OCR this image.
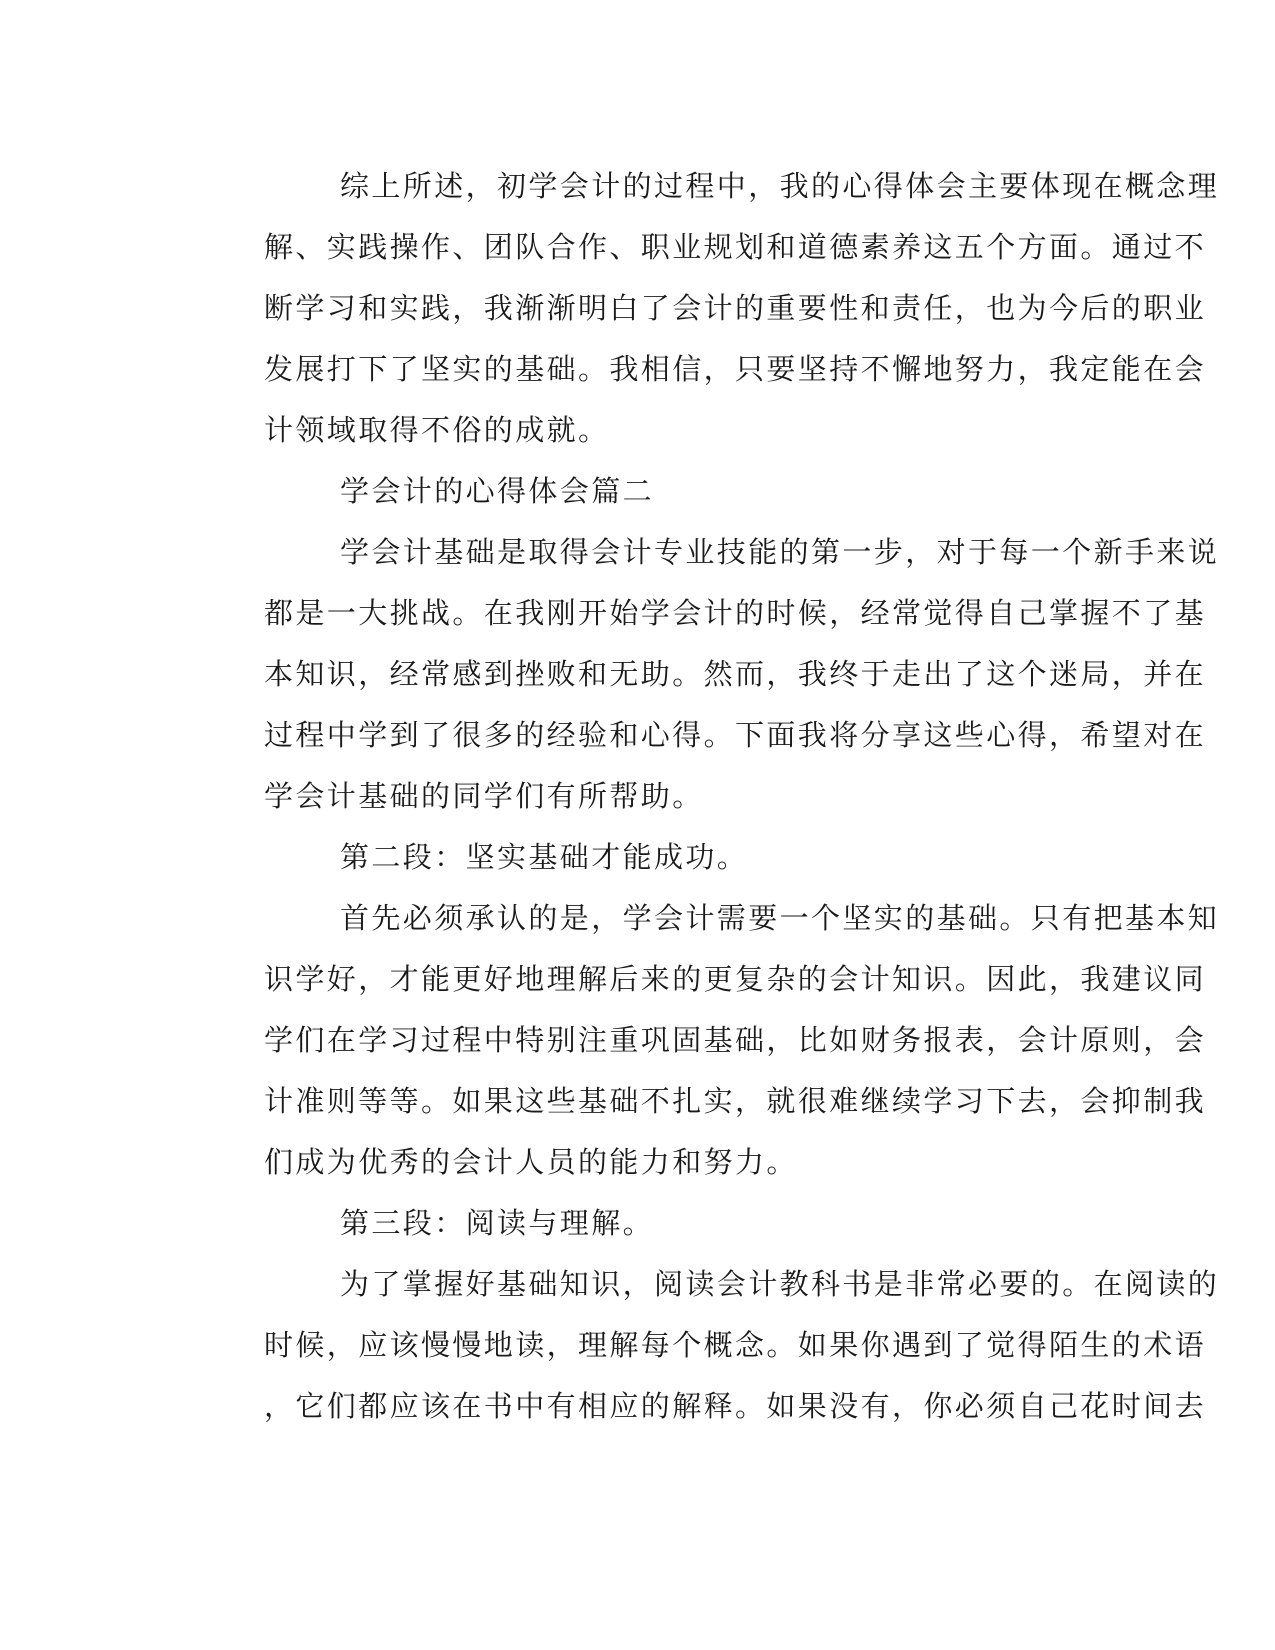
综上所述，初学会计的过程中，我的心得体会主要体现在概念理
解、实践操作、团队合作、职业规划和道德素养这五个方面。通过不
断学习和实践，我渐渐明白了会计的重要性和责任，也为今后的职业
发展打下了坚实的基础。我相信，只要坚持不懈地努力，我定能在会
计领域取得不俗的成就。
学会计的心得体会篇二
学会计基础是取得会计专业技能的第一步，对于每一个新手来说
都是一大挑战。在我刚开始学会计的时候，经常觉得自己掌握不了基
本知识，经常感到挫败和无助。然而，我终于走出了这个迷局，并在
过程中学到了很多的经验和心得。下面我将分享这些心得，希望对在
学会计基础的同学们有所帮助。
第二段：坚实基础才能成功。
首先必须承认的是，学会计需要一个坚实的基础。只有把基本知
识学好，才能更好地理解后来的更复杂的会计知识。因此，我建议同
学们在学习过程中特别注重巩固基础，比如财务报表，会计原则，会
计准则等等。如果这些基础不扎实，就很难继续学习下去，会抑制我
们成为优秀的会计人员的能力和努力。
第三段：阅读与理解。
为了掌握好基础知识，阅读会计教科书是非常必要的。在阅读的
时候，应该慢慢地读，理解每个概念。如果你遇到了觉得陌生的术语
，它们都应该在书中有相应的解释。如果没有，你必须自己花时间去
